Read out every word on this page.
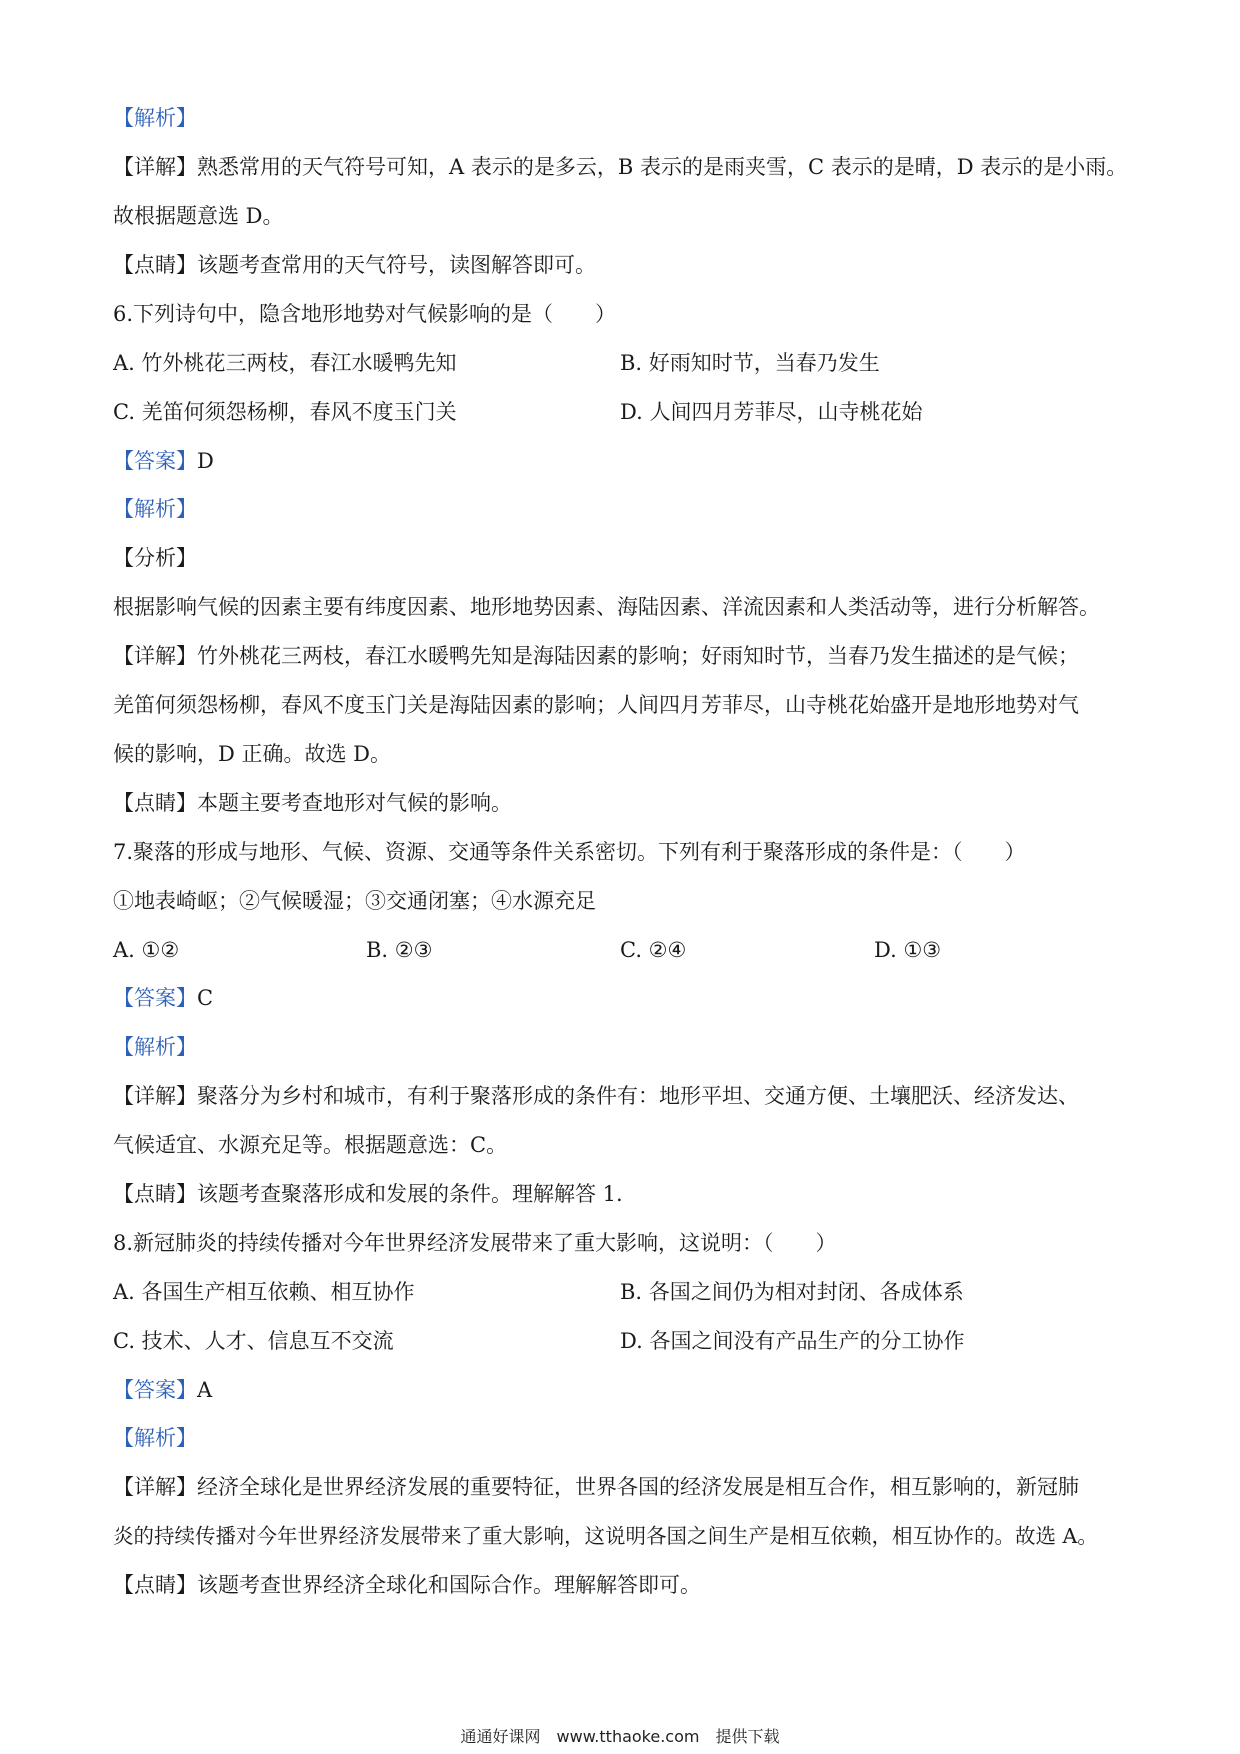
【解析】
【详解】熟悉常用的天气符号可知，A 表示的是多云，B 表示的是雨夹雪，C 表示的是晴，D 表示的是小雨。
故根据题意选 D。
【点睛】该题考查常用的天气符号，读图解答即可。
6.下列诗句中，隐含地形地势对气候影响的是（　　）
A. 竹外桃花三两枝，春江水暖鸭先知	B. 好雨知时节，当春乃发生
C. 羌笛何须怨杨柳，春风不度玉门关	D. 人间四月芳菲尽，山寺桃花始
【答案】D
【解析】
【分析】
根据影响气候的因素主要有纬度因素、地形地势因素、海陆因素、洋流因素和人类活动等，进行分析解答。
【详解】竹外桃花三两枝，春江水暖鸭先知是海陆因素的影响；好雨知时节，当春乃发生描述的是气候；
羌笛何须怨杨柳，春风不度玉门关是海陆因素的影响；人间四月芳菲尽，山寺桃花始盛开是地形地势对气
候的影响，D 正确。故选 D。
【点睛】本题主要考查地形对气候的影响。
7.聚落的形成与地形、气候、资源、交通等条件关系密切。下列有利于聚落形成的条件是：（　　）
①地表崎岖；②气候暖湿；③交通闭塞；④水源充足
A. ①②	B. ②③	C. ②④	D. ①③
【答案】C
【解析】
【详解】聚落分为乡村和城市，有利于聚落形成的条件有：地形平坦、交通方便、土壤肥沃、经济发达、
气候适宜、水源充足等。根据题意选：C。
【点睛】该题考查聚落形成和发展的条件。理解解答 1.
8.新冠肺炎的持续传播对今年世界经济发展带来了重大影响，这说明：（　　）
A. 各国生产相互依赖、相互协作	B. 各国之间仍为相对封闭、各成体系
C. 技术、人才、信息互不交流	D. 各国之间没有产品生产的分工协作
【答案】A
【解析】
【详解】经济全球化是世界经济发展的重要特征，世界各国的经济发展是相互合作，相互影响的，新冠肺
炎的持续传播对今年世界经济发展带来了重大影响，这说明各国之间生产是相互依赖，相互协作的。故选 A。
【点睛】该题考查世界经济全球化和国际合作。理解解答即可。
通通好课网　www.tthaoke.com　提供下载
